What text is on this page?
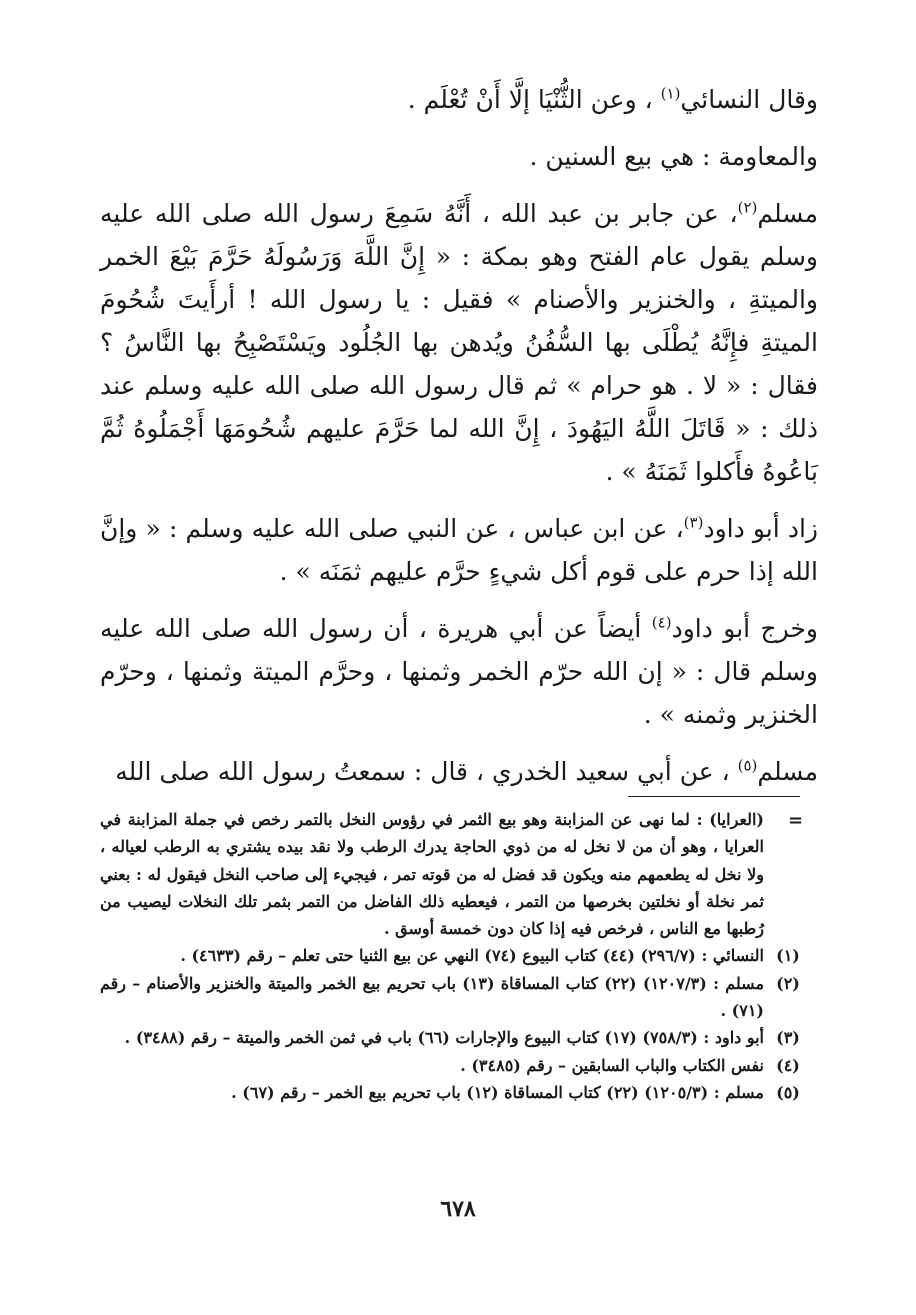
وقال النسائي$^{(١)}$ ، وعن الثُّنْيَا إلَّا أَنْ تُعْلَم .

والمعاومة : هي بيع السنين .

مسلم$^{(٢)}$، عن جابر بن عبد الله ، أَنَّهُ سَمِعَ رسول الله صلى الله عليه وسلم يقول عام الفتح وهو بمكة : « إِنَّ اللَّهَ وَرَسُولَهُ حَرَّمَ بَيْعَ الخمر والميتةِ ، والخنزير والأصنام » فقيل : يا رسول الله ! أرأَيتَ شُحُومَ الميتةِ فإِنَّهُ يُطْلَى بها السُّفُنُ ويُدهن بها الجُلُود ويَسْتَصْبِحُ بها النَّاسُ ؟ فقال : « لا . هو حرام » ثم قال رسول الله صلى الله عليه وسلم عند ذلك : « قَاتَلَ اللَّهُ اليَهُودَ ، إِنَّ الله لما حَرَّمَ عليهم شُحُومَهَا أَجْمَلُوهُ ثُمَّ بَاعُوهُ فأَكلوا ثَمَنَهُ » .

زاد أبو داود$^{(٣)}$، عن ابن عباس ، عن النبي صلى الله عليه وسلم : « وإنَّ الله إذا حرم على قوم أكل شيءٍ حرَّم عليهم ثمَنَه » .

وخرج أبو داود$^{(٤)}$ أيضاً عن أبي هريرة ، أن رسول الله صلى الله عليه وسلم قال : « إن الله حرّم الخمر وثمنها ، وحرَّم الميتة وثمنها ، وحرّم الخنزير وثمنه » .

مسلم$^{(٥)}$ ، عن أبي سعيد الخدري ، قال : سمعتُ رسول الله صلى الله

=

(العرايا) : لما نهى عن المزابنة وهو بيع الثمر في رؤوس النخل بالتمر رخص في جملة المزابنة في العرايا ، وهو أن من لا نخل له من ذوي الحاجة يدرك الرطب ولا نقد بيده يشتري به الرطب لعياله ، ولا نخل له يطعمهم منه ويكون قد فضل له من قوته تمر ، فيجيء إلى صاحب النخل فيقول له : بعني ثمر نخلة أو نخلتين بخرصها من التمر ، فيعطيه ذلك الفاضل من التمر بثمر تلك النخلات ليصيب من رُطبها مع الناس ، فرخص فيه إذا كان دون خمسة أوسق .

(١)
النسائي : (٢٩٦/٧) (٤٤) كتاب البيوع (٧٤) النهي عن بيع الثنيا حتى تعلم – رقم (٤٦٣٣) .
(٢)
مسلم : (١٢٠٧/٣) (٢٢) كتاب المساقاة (١٣) باب تحريم بيع الخمر والميتة والخنزير والأصنام – رقم (٧١) .
(٣)
أبو داود : (٧٥٨/٣) (١٧) كتاب البيوع والإجارات (٦٦) باب في ثمن الخمر والميتة – رقم (٣٤٨٨) .
(٤)
نفس الكتاب والباب السابقين – رقم (٣٤٨٥) .
(٥)
مسلم : (١٢٠٥/٣) (٢٢) كتاب المساقاة (١٢) باب تحريم بيع الخمر – رقم (٦٧) .
٦٧٨
